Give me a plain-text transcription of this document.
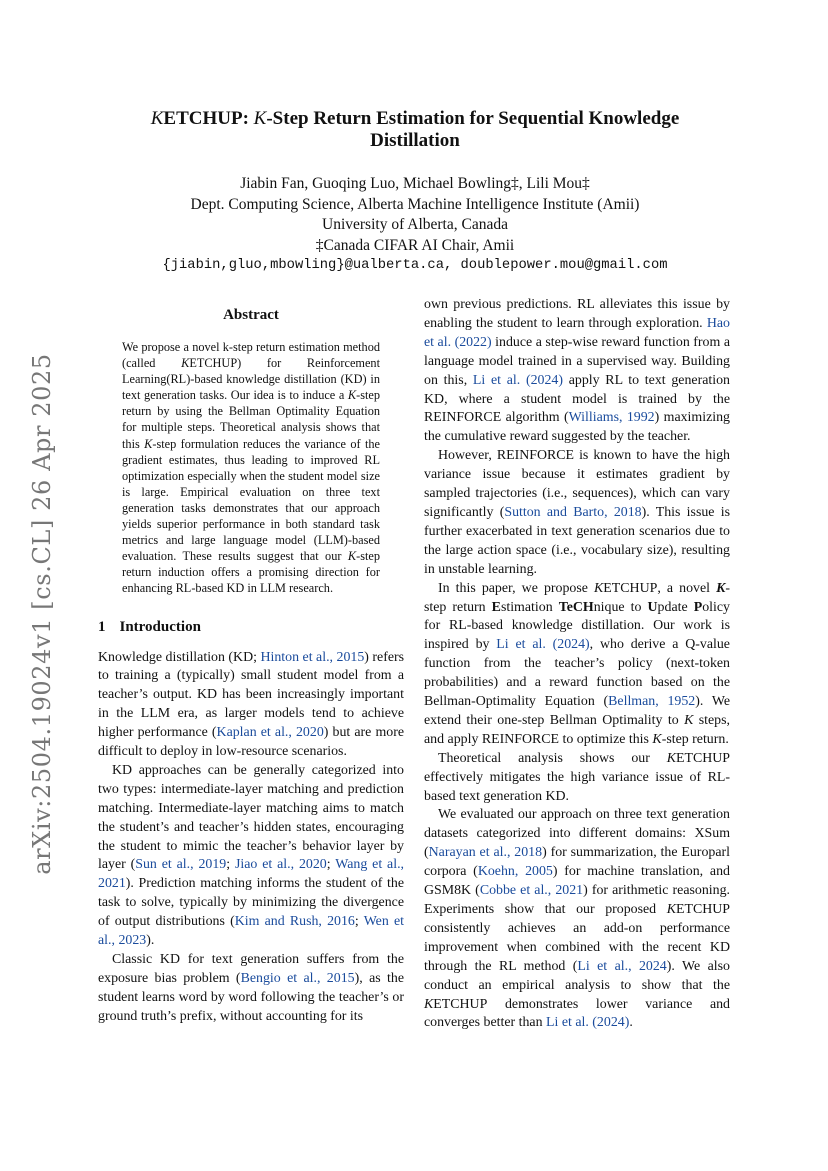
arXiv:2504.19024v1 [cs.CL] 26 Apr 2025
KETCHUP: K-Step Return Estimation for Sequential Knowledge Distillation
Jiabin Fan, Guoqing Luo, Michael Bowling‡, Lili Mou‡
Dept. Computing Science, Alberta Machine Intelligence Institute (Amii)
University of Alberta, Canada
‡Canada CIFAR AI Chair, Amii
{jiabin,gluo,mbowling}@ualberta.ca, doublepower.mou@gmail.com
Abstract
We propose a novel k-step return estimation method (called KETCHUP) for Reinforcement Learning(RL)-based knowledge distillation (KD) in text generation tasks. Our idea is to induce a K-step return by using the Bellman Optimality Equation for multiple steps. Theoretical analysis shows that this K-step formulation reduces the variance of the gradient estimates, thus leading to improved RL optimization especially when the student model size is large. Empirical evaluation on three text generation tasks demonstrates that our approach yields superior performance in both standard task metrics and large language model (LLM)-based evaluation. These results suggest that our K-step return induction offers a promising direction for enhancing RL-based KD in LLM research.
1 Introduction

Knowledge distillation (KD; Hinton et al., 2015) refers to training a (typically) small student model from a teacher’s output. KD has been increasingly important in the LLM era, as larger models tend to achieve higher performance (Kaplan et al., 2020) but are more difficult to deploy in low-resource scenarios.

KD approaches can be generally categorized into two types: intermediate-layer matching and prediction matching. Intermediate-layer matching aims to match the student’s and teacher’s hidden states, encouraging the student to mimic the teacher’s behavior layer by layer (Sun et al., 2019; Jiao et al., 2020; Wang et al., 2021). Prediction matching informs the student of the task to solve, typically by minimizing the divergence of output distributions (Kim and Rush, 2016; Wen et al., 2023).

Classic KD for text generation suffers from the exposure bias problem (Bengio et al., 2015), as the student learns word by word following the teacher’s or ground truth’s prefix, without accounting for its

own previous predictions. RL alleviates this issue by enabling the student to learn through exploration. Hao et al. (2022) induce a step-wise reward function from a language model trained in a supervised way. Building on this, Li et al. (2024) apply RL to text generation KD, where a student model is trained by the REINFORCE algorithm (Williams, 1992) maximizing the cumulative reward suggested by the teacher.

However, REINFORCE is known to have the high variance issue because it estimates gradient by sampled trajectories (i.e., sequences), which can vary significantly (Sutton and Barto, 2018). This issue is further exacerbated in text generation scenarios due to the large action space (i.e., vocabulary size), resulting in unstable learning.

In this paper, we propose KETCHUP, a novel K-step return Estimation TeCHnique to Update Policy for RL-based knowledge distillation. Our work is inspired by Li et al. (2024), who derive a Q-value function from the teacher’s policy (next-token probabilities) and a reward function based on the Bellman-Optimality Equation (Bellman, 1952). We extend their one-step Bellman Optimality to K steps, and apply REINFORCE to optimize this K-step return.

Theoretical analysis shows our KETCHUP effectively mitigates the high variance issue of RL-based text generation KD.

We evaluated our approach on three text generation datasets categorized into different domains: XSum (Narayan et al., 2018) for summarization, the Europarl corpora (Koehn, 2005) for machine translation, and GSM8K (Cobbe et al., 2021) for arithmetic reasoning. Experiments show that our proposed KETCHUP consistently achieves an add-on performance improvement when combined with the recent KD through the RL method (Li et al., 2024). We also conduct an empirical analysis to show that the KETCHUP demonstrates lower variance and converges better than Li et al. (2024).
